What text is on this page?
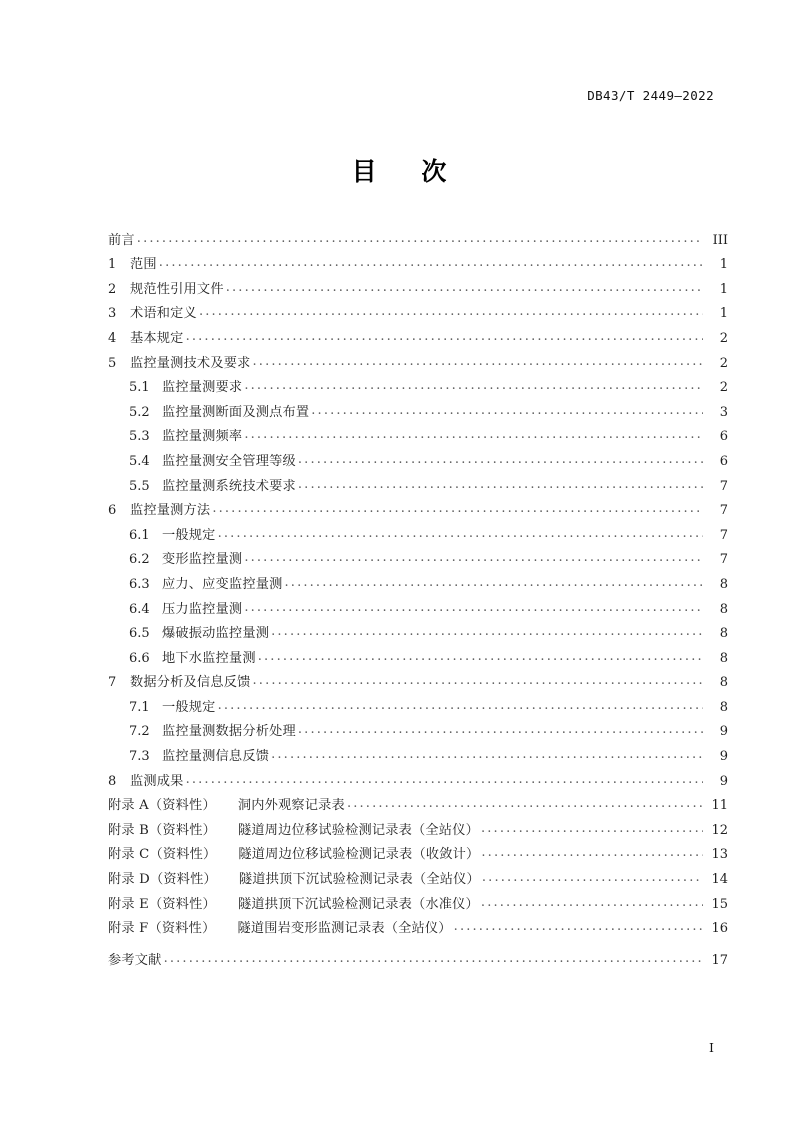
DB43/T 2449—2022
目    次
前言 .....	III
1	范围 .....	1
2	规范性引用文件 .....	1
3	术语和定义 .....	1
4	基本规定 .....	2
5	监控量测技术及要求 .....	2
5.1 监控量测要求 .....	2
5.2 监控量测断面及测点布置 .....	3
5.3 监控量测频率 .....	6
5.4 监控量测安全管理等级 .....	6
5.5 监控量测系统技术要求 .....	7
6	监控量测方法 .....	7
6.1 一般规定 .....	7
6.2 变形监控量测 .....	7
6.3 应力、应变监控量测 .....	8
6.4 压力监控量测 .....	8
6.5 爆破振动监控量测 .....	8
6.6 地下水监控量测 .....	8
7	数据分析及信息反馈 .....	8
7.1 一般规定 .....	8
7.2 监控量测数据分析处理 .....	9
7.3 监控量测信息反馈 .....	9
8	监测成果 .....	9
附录 A（资料性）	洞内外观察记录表 .....	11
附录 B（资料性）	隧道周边位移试验检测记录表（全站仪） .....	12
附录 C（资料性）	隧道周边位移试验检测记录表（收敛计） .....	13
附录 D（资料性）	隧道拱顶下沉试验检测记录表（全站仪） .....	14
附录 E（资料性）	隧道拱顶下沉试验检测记录表（水准仪） .....	15
附录 F（资料性）	隧道围岩变形监测记录表（全站仪） .....	16
参考文献 .....	17
I
